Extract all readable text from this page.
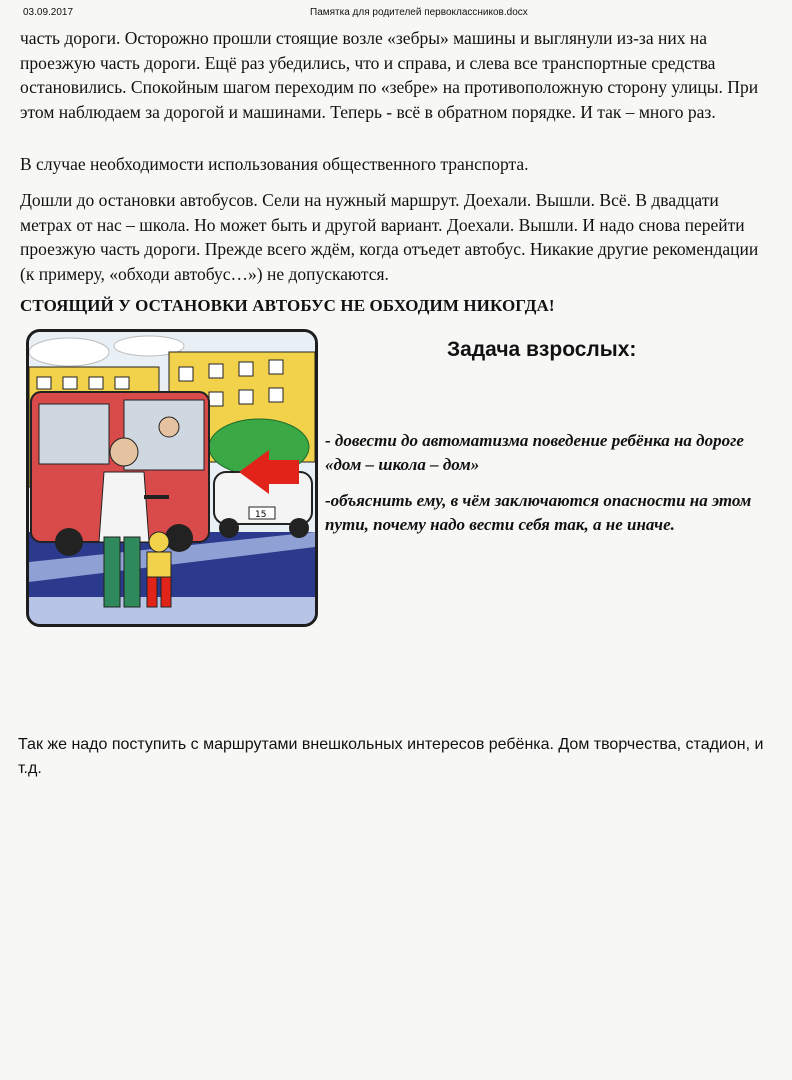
03.09.2017	Памятка для родителей первоклассников.docx

часть дороги. Осторожно прошли стоящие возле «зебры» машины и выглянули из-за них на проезжую часть дороги. Ещё раз убедились, что и справа, и слева все транспортные средства остановились. Спокойным шагом переходим по «зебре» на противоположную сторону улицы. При этом наблюдаем за дорогой и машинами. Теперь - всё в обратном порядке. И так – много раз.

В случае необходимости использования общественного транспорта.

Дошли до остановки автобусов. Сели на нужный маршрут. Доехали. Вышли. Всё. В двадцати метрах от нас – школа. Но может быть и другой вариант. Доехали. Вышли. И надо снова перейти проезжую часть дороги. Прежде всего ждём, когда отъедет автобус. Никакие другие рекомендации (к примеру, «обходи автобус…») не допускаются.

СТОЯЩИЙ У ОСТАНОВКИ АВТОБУС НЕ ОБХОДИМ НИКОГДА!

15
Задача взрослых:

- довести до автоматизма поведение ребёнка на дороге «дом – школа – дом»

-объяснить ему, в чём заключаются опасности на этом пути, почему надо вести себя так, а не иначе.

Так же надо поступить с маршрутами внешкольных интересов ребёнка. Дом творчества, стадион, и т.д.
